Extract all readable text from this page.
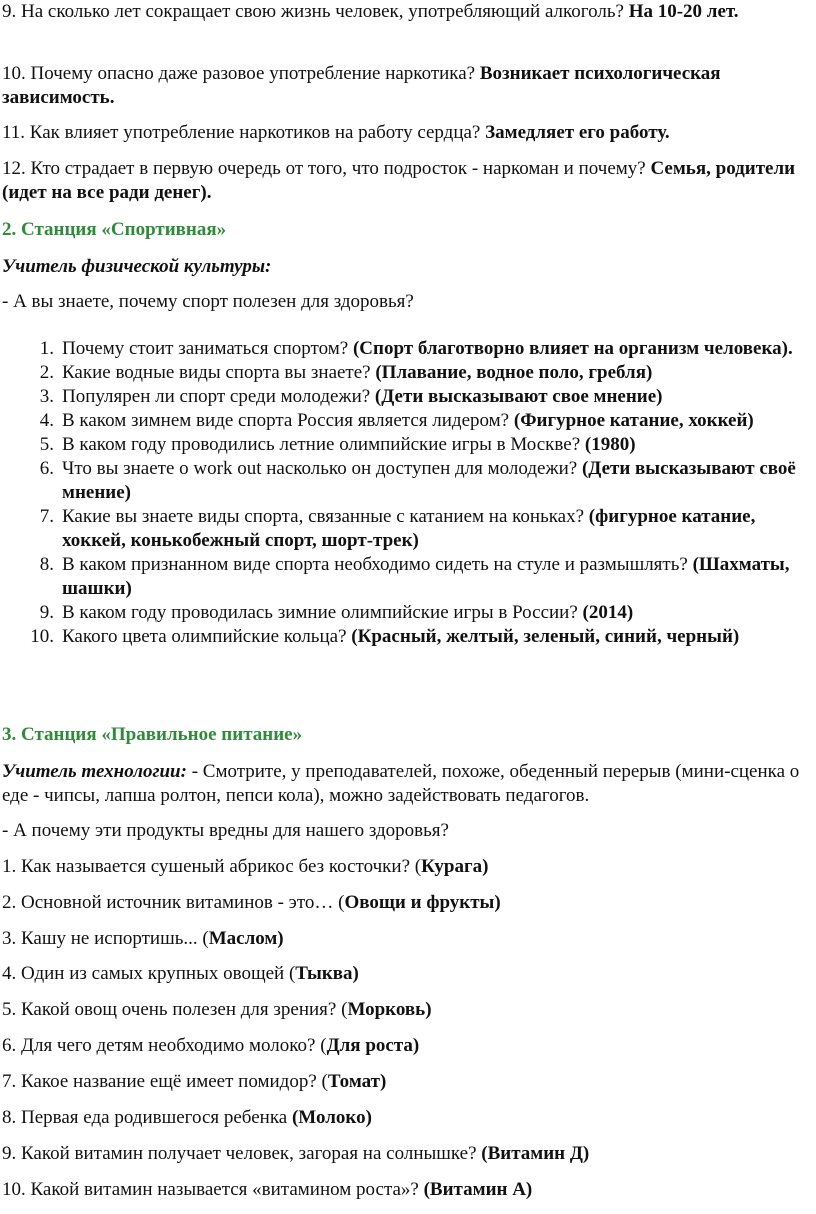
9. На сколько лет сокращает свою жизнь человек, употребляющий алкоголь? На 10-20 лет.

10. Почему опасно даже разовое употребление наркотика? Возникает психологическая зависимость.

11. Как влияет употребление наркотиков на работу сердца? Замедляет его работу.

12. Кто страдает в первую очередь от того, что подросток - наркоман и почему? Семья, родители (идет на все ради денег).

2. Станция «Спортивная»

Учитель физической культуры:

- А вы знаете, почему спорт полезен для здоровья?

1. Почему стоит заниматься спортом? (Спорт благотворно влияет на организм человека).
2. Какие водные виды спорта вы знаете? (Плавание, водное поло, гребля)
3. Популярен ли спорт среди молодежи? (Дети высказывают свое мнение)
4. В каком зимнем виде спорта Россия является лидером? (Фигурное катание, хоккей)
5. В каком году проводились летние олимпийские игры в Москве? (1980)
6. Что вы знаете о work out насколько он доступен для молодежи? (Дети высказывают своё мнение)
7. Какие вы знаете виды спорта, связанные с катанием на коньках? (фигурное катание, хоккей, конькобежный спорт, шорт-трек)
8. В каком признанном виде спорта необходимо сидеть на стуле и размышлять? (Шахматы, шашки)
9. В каком году проводилась зимние олимпийские игры в России? (2014)
10. Какого цвета олимпийские кольца? (Красный, желтый, зеленый, синий, черный)

3. Станция «Правильное питание»

Учитель технологии: - Смотрите, у преподавателей, похоже, обеденный перерыв (мини-сценка о еде - чипсы, лапша ролтон, пепси кола), можно задействовать педагогов.

- А почему эти продукты вредны для нашего здоровья?

1. Как называется сушеный абрикос без косточки? (Курага)

2. Основной источник витаминов - это… (Овощи и фрукты)

3. Кашу не испортишь... (Маслом)

4. Один из самых крупных овощей (Тыква)

5. Какой овощ очень полезен для зрения? (Морковь)

6. Для чего детям необходимо молоко? (Для роста)

7. Какое название ещё имеет помидор? (Томат)

8. Первая еда родившегося ребенка (Молоко)

9. Какой витамин получает человек, загорая на солнышке? (Витамин Д)

10. Какой витамин называется «витамином роста»? (Витамин А)
